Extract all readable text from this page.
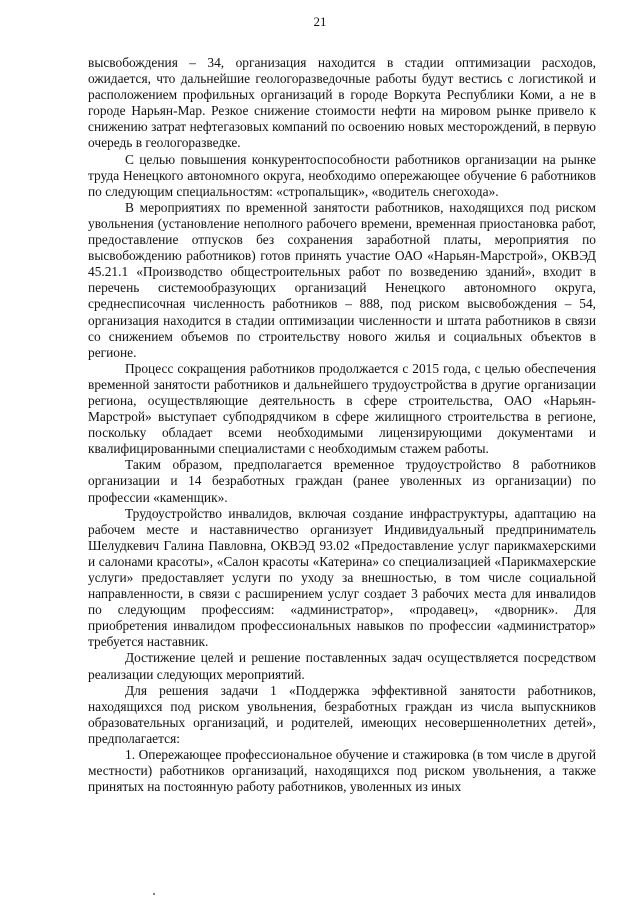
21

высвобождения – 34, организация находится в стадии оптимизации расходов, ожидается, что дальнейшие геологоразведочные работы будут вестись с логистикой и расположением профильных организаций в городе Воркута Республики Коми, а не в городе Нарьян-Мар. Резкое снижение стоимости нефти на мировом рынке привело к снижению затрат нефтегазовых компаний по освоению новых месторождений, в первую очередь в геологоразведке.

С целью повышения конкурентоспособности работников организации на рынке труда Ненецкого автономного округа, необходимо опережающее обучение 6 работников по следующим специальностям: «стропальщик», «водитель снегохода».

В мероприятиях по временной занятости работников, находящихся под риском увольнения (установление неполного рабочего времени, временная приостановка работ, предоставление отпусков без сохранения заработной платы, мероприятия по высвобождению работников) готов принять участие ОАО «Нарьян-Марстрой», ОКВЭД 45.21.1 «Производство общестроительных работ по возведению зданий», входит в перечень системообразующих организаций Ненецкого автономного округа, среднесписочная численность работников – 888, под риском высвобождения – 54, организация находится в стадии оптимизации численности и штата работников в связи со снижением объемов по строительству нового жилья и социальных объектов в регионе.

Процесс сокращения работников продолжается с 2015 года, с целью обеспечения временной занятости работников и дальнейшего трудоустройства в другие организации региона, осуществляющие деятельность в сфере строительства, ОАО «Нарьян-Марстрой» выступает субподрядчиком в сфере жилищного строительства в регионе, поскольку обладает всеми необходимыми лицензирующими документами и квалифицированными специалистами с необходимым стажем работы.

Таким образом, предполагается временное трудоустройство 8 работников организации и 14 безработных граждан (ранее уволенных из организации) по профессии «каменщик».

Трудоустройство инвалидов, включая создание инфраструктуры, адаптацию на рабочем месте и наставничество организует Индивидуальный предприниматель Шелудкевич Галина Павловна, ОКВЭД 93.02 «Предоставление услуг парикмахерскими и салонами красоты», «Салон красоты «Катерина» со специализацией «Парикмахерские услуги» предоставляет услуги по уходу за внешностью, в том числе социальной направленности, в связи с расширением услуг создает 3 рабочих места для инвалидов по следующим профессиям: «администратор», «продавец», «дворник». Для приобретения инвалидом профессиональных навыков по профессии «администратор» требуется наставник.

Достижение целей и решение поставленных задач осуществляется посредством реализации следующих мероприятий.

Для решения задачи 1 «Поддержка эффективной занятости работников, находящихся под риском увольнения, безработных граждан из числа выпускников образовательных организаций, и родителей, имеющих несовершеннолетних детей», предполагается:

1. Опережающее профессиональное обучение и стажировка (в том числе в другой местности) работников организаций, находящихся под риском увольнения, а также принятых на постоянную работу работников, уволенных из иных
